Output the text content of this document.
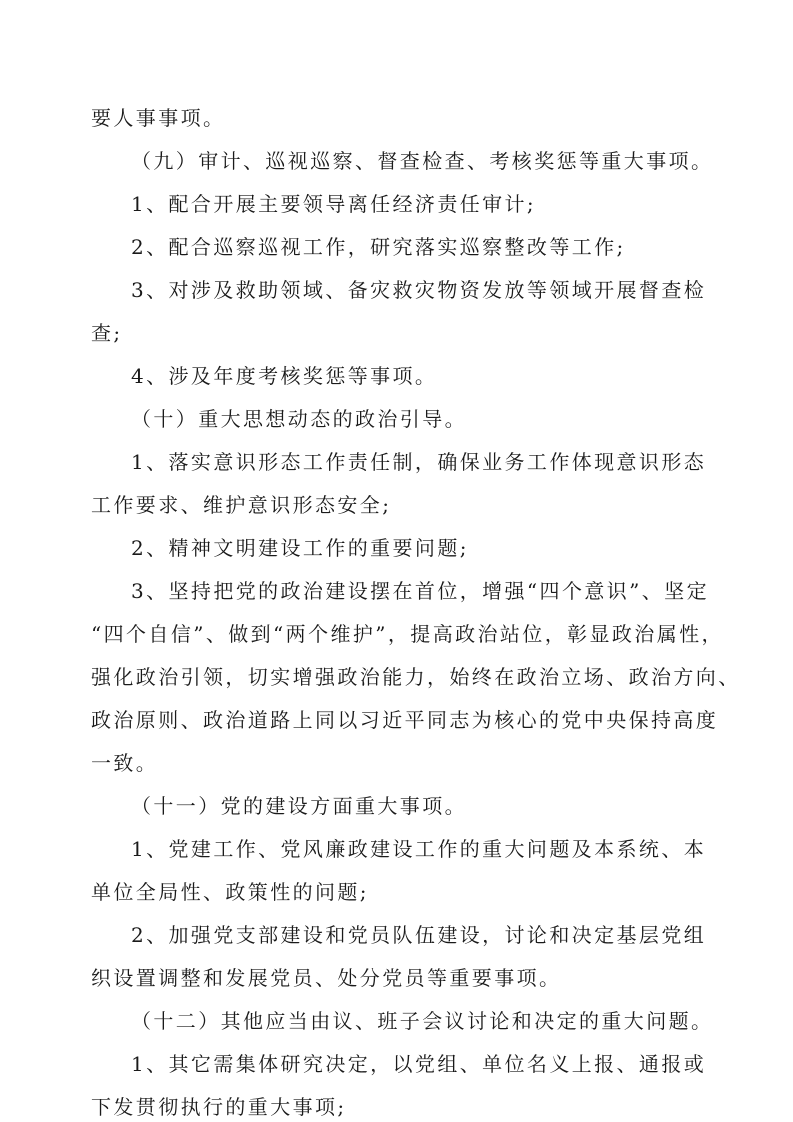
要人事事项。
（九）审计、巡视巡察、督查检查、考核奖惩等重大事项。
1、配合开展主要领导离任经济责任审计;
2、配合巡察巡视工作，研究落实巡察整改等工作;
3、对涉及救助领域、备灾救灾物资发放等领域开展督查检
查;
4、涉及年度考核奖惩等事项。
（十）重大思想动态的政治引导。
1、落实意识形态工作责任制，确保业务工作体现意识形态
工作要求、维护意识形态安全;
2、精神文明建设工作的重要问题;
3、坚持把党的政治建设摆在首位，增强“四个意识”、坚定
“四个自信”、做到“两个维护”，提高政治站位，彰显政治属性，
强化政治引领，切实增强政治能力，始终在政治立场、政治方向、
政治原则、政治道路上同以习近平同志为核心的党中央保持高度
一致。
（十一）党的建设方面重大事项。
1、党建工作、党风廉政建设工作的重大问题及本系统、本
单位全局性、政策性的问题;
2、加强党支部建设和党员队伍建设，讨论和决定基层党组
织设置调整和发展党员、处分党员等重要事项。
（十二）其他应当由议、班子会议讨论和决定的重大问题。
1、其它需集体研究决定，以党组、单位名义上报、通报或
下发贯彻执行的重大事项;
